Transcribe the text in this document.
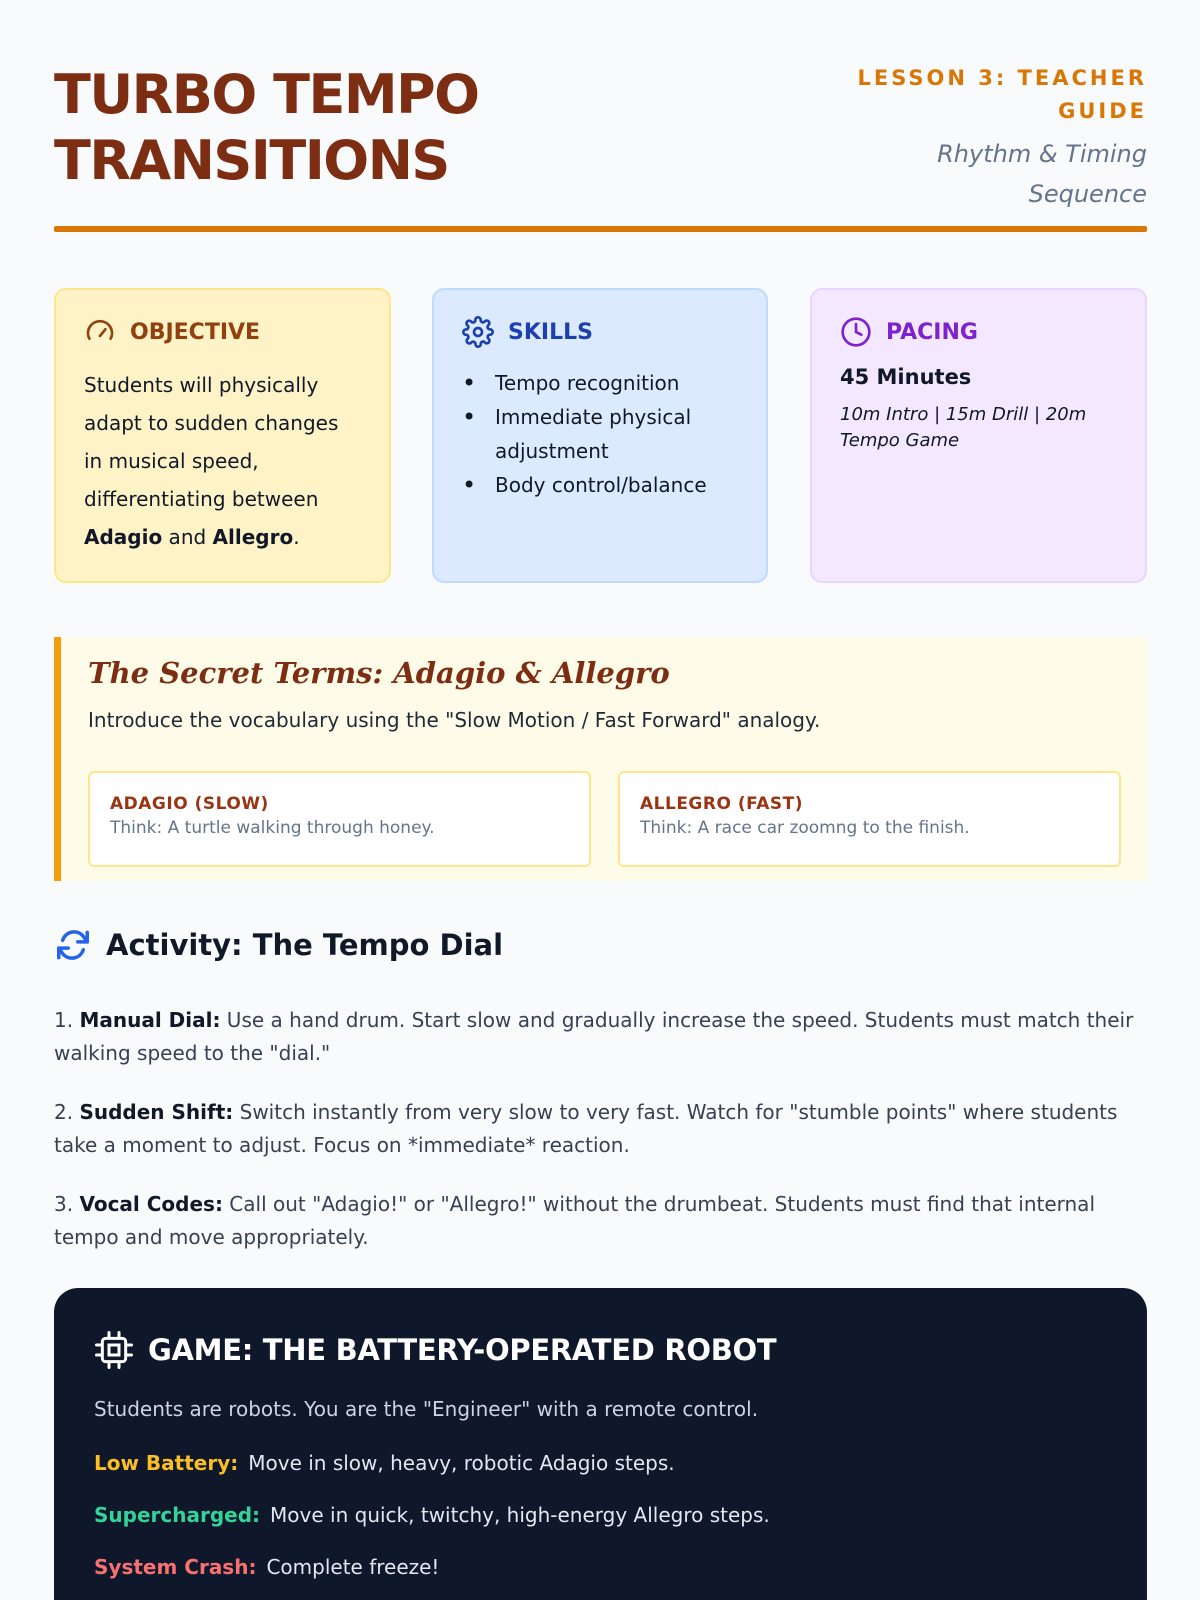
TURBO TEMPO
TRANSITIONS
LESSON 3: TEACHER
GUIDE
Rhythm & Timing
Sequence
OBJECTIVE
Students will physically adapt to sudden changes in musical speed, differentiating between Adagio and Allegro.
SKILLS
• Tempo recognition
• Immediate physical adjustment
• Body control/balance
PACING
45 Minutes
10m Intro | 15m Drill | 20m Tempo Game
The Secret Terms: Adagio & Allegro
Introduce the vocabulary using the "Slow Motion / Fast Forward" analogy.
ADAGIO (SLOW)
Think: A turtle walking through honey.
ALLEGRO (FAST)
Think: A race car zoomng to the finish.
Activity: The Tempo Dial

1. Manual Dial: Use a hand drum. Start slow and gradually increase the speed. Students must match their walking speed to the "dial."

2. Sudden Shift: Switch instantly from very slow to very fast. Watch for "stumble points" where students take a moment to adjust. Focus on *immediate* reaction.

3. Vocal Codes: Call out "Adagio!" or "Allegro!" without the drumbeat. Students must find that internal tempo and move appropriately.

GAME: THE BATTERY-OPERATED ROBOT
Students are robots. You are the "Engineer" with a remote control.
Low Battery: Move in slow, heavy, robotic Adagio steps.
Supercharged: Move in quick, twitchy, high-energy Allegro steps.
System Crash: Complete freeze!
